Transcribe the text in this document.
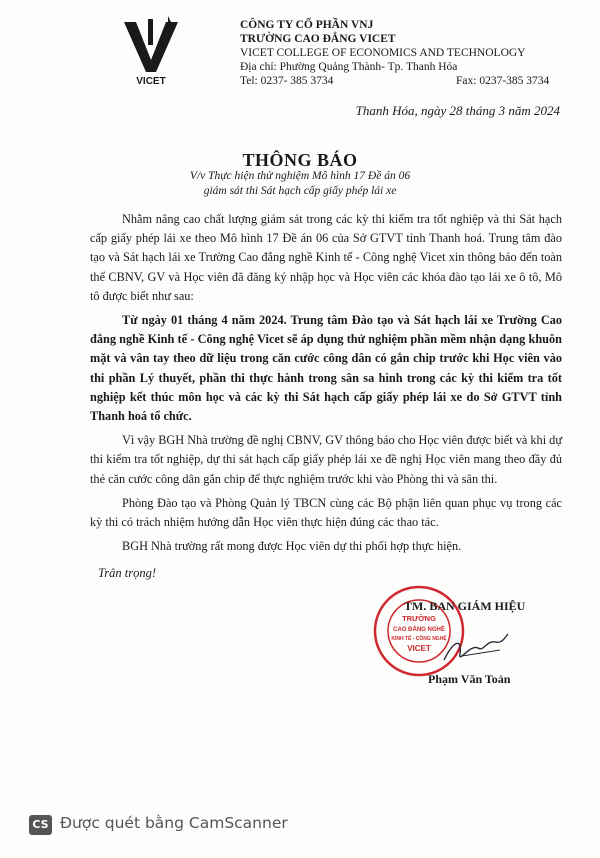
VICET
CÔNG TY CỔ PHẦN VNJ
TRƯỜNG CAO ĐẲNG VICET
VICET COLLEGE OF ECONOMICS AND TECHNOLOGY
Địa chỉ: Phường Quảng Thành- Tp. Thanh Hóa
Tel: 0237- 385 3734	Fax: 0237-385 3734
Thanh Hóa, ngày 28 tháng 3 năm 2024
THÔNG BÁO
V/v Thực hiện thử nghiệm Mô hình 17 Đề án 06
giám sát thi Sát hạch cấp giấy phép lái xe

Nhằm nâng cao chất lượng giám sát trong các kỳ thi kiểm tra tốt nghiệp và thi Sát hạch cấp giấy phép lái xe theo Mô hình 17 Đề án 06 của Sở GTVT tỉnh Thanh hoá. Trung tâm đào tạo và Sát hạch lái xe Trường Cao đẳng nghề Kinh tế - Công nghệ Vicet xin thông báo đến toàn thể CBNV, GV và Học viên đã đăng ký nhập học và Học viên các khóa đào tạo lái xe ô tô, Mô tô được biết như sau:

Từ ngày 01 tháng 4 năm 2024. Trung tâm Đào tạo và Sát hạch lái xe Trường Cao đẳng nghề Kinh tế - Công nghệ Vicet sẽ áp dụng thử nghiệm phần mềm nhận dạng khuôn mặt và vân tay theo dữ liệu trong căn cước công dân có gắn chip trước khi Học viên vào thi phần Lý thuyết, phần thi thực hành trong sân sa hình trong các kỳ thi kiểm tra tốt nghiệp kết thúc môn học và các kỳ thi Sát hạch cấp giấy phép lái xe do Sở GTVT tỉnh Thanh hoá tổ chức.

Vì vậy BGH Nhà trường đề nghị CBNV, GV thông báo cho Học viên được biết và khi dự thi kiểm tra tốt nghiệp, dự thi sát hạch cấp giấy phép lái xe đề nghị Học viên mang theo đầy đủ thẻ căn cước công dân gắn chip để thực nghiệm trước khi vào Phòng thi và sân thi.

Phòng Đào tạo và Phòng Quản lý TBCN cùng các Bộ phận liên quan phục vụ trong các kỳ thi có trách nhiệm hướng dẫn Học viên thực hiện đúng các thao tác.

BGH Nhà trường rất mong được Học viên dự thi phối hợp thực hiện.

Trân trọng!
TRƯỜNG
CAO ĐẲNG NGHỀ
KINH TẾ - CÔNG NGHỆ
VICET
TM. BAN GIÁM HIỆU
Phạm Văn Toản
CS Được quét bằng CamScanner
